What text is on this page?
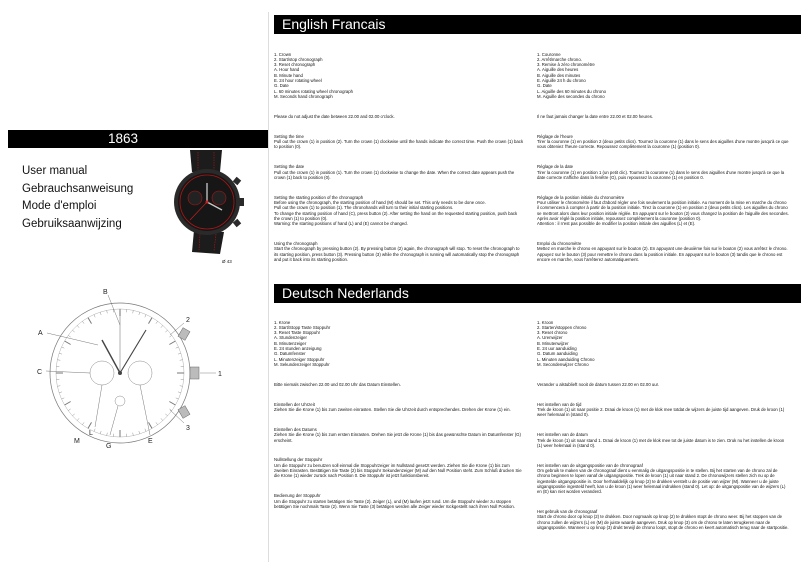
1863

User manual

Gebrauchsanweisung

Mode d'emploi

Gebruiksaanwijzing

Ø 43
English Francais

1. Crown
2. Start/stop chronograph
3. Reset chronograph
A. Hour hand
B. Minute hand
E. 24 hour rotating wheel
G. Date
L. 60 minutes rotating wheel chronograph
M. Seconds hand chronograph

Please do not adjust the date between 22.00 and 02.00 o'clock.

Setting the time
Pull out the crown (1) in position (2). Turn the crown (1) clockwise until the hands indicate the correct time. Push the crown (1) back to position (0).

Setting the date
Pull out the crown (1) in position (1). Turn the crown (1) clockwise to change the date. When the correct date appears push the crown (1) back to position (0).

Setting the starting position of the chronograph
Before using the chronograph, the starting position of hand (M) should be set. This only needs to be done once.
Pull out the crown (1) to position (1). The chronohands will turn to their initial starting positions.
To change the starting position of hand (C), press button (2). After setting the hand on the requested starting position, push back the crown (1) to position (0).
Warning: the starting positions of hand (L) and (E) cannot be changed.

Using the chronograph
Start the chronograph by pressing button (2). By pressing button (2) again, the chronograph will stop. To reset the chronograph to its starting position, press button (3). Pressing button (3) while the chronograph is running will automatically stop the chronograph and put it back into its starting position.

1. Couronne
2. Arrêt/marche chrono.
3. Remise à zéro chronomètre
A. Aiguille des heures
B. Aiguille des minutes
E. Aiguille 24 h du chrono
G. Date
L. Aiguille des 60 minutes du chrono
M. Aiguille des secondes du chrono

Il ne faut jamais changer la date entre 22.00 et 02.00 heures.

Réglage de l'heure
Tirer la couronne (1) en position 2 (deux petits clics). Tournez la couronne (1) dans le sens des aiguilles d'une montre jusqu'à ce que vous obteniez l'heure correcte. Repoussez complètement la couronne (1) (position 0).

Réglage de la date
Tirer la couronne (1) en position 1 (un petit clic). Tournez la couronne (1) dans le sens des aiguilles d'une montre jusqu'à ce que la date correcte s'affiche dans la fenêtre (G), puis repoussez la couronne (1) en position 0.

Réglage de la position initiale du chronomètre
Pour utiliser le chronomètre il faut d'abord régler une fois seulement la position initiale. Au moment de la mise en marche du chrono il commencera à compter à partir de la position initiale. Tirez la couronne (1) en position 2 (deux petits clics). Les aiguilles du chrono se mettront alors dans leur position initiale réglée. En appuyant sur le bouton (2) vous changez la position de l'aiguille des secondes. Après avoir réglé la position initiale, repoussez complètement la couronne (position 0).
Attention : il n'est pas possible de modifier la position initiale des aiguilles (L) et (E).

Emploi du chronomètre
Mettez en marche le chrono en appuyant sur le bouton (2). En appuyant une deuxième fois sur le bouton (2) vous arrêtez le chrono. Appuyez sur le bouton (3) pour remettre le chrono dans la position initiale. En appuyant sur le bouton (3) tandis que le chrono est encore en marche, vous l'arrêterez automatiquement.

Deutsch Nederlands

1. Krone
2. Start/Stopp Taste Stoppuhr
3. Reset Taste Stoppuhr
A. Stundenzeiger
B. Minutenzeiger
E. 24 stunden anzeigung
G. Datumfenster
L. Minutenzeiger Stoppuhr
M. Sekundenzeiger Stoppuhr

Bitte niemals zwischen 22.00 und 02.00 Uhr das Datum Einstellen.

Einstellen der Uhrzeit
Ziehen Sie die Krone (1) bis zum zweiten einrasten. Stellen Sie die Uhrzeit durch entsprechendes. Drehen der Krone (1) ein.

Einstellen des Datums
Ziehen Sie die Krone (1) bis zum ersten Einrasten. Drehen Sie jetzt die Krone (1) bis das gewünschte Datum im Datumfenster (G) erscheint.

Nullstellung der Stoppuhr
Um die Stoppuhr zu benutzen soll einmal die Stoppuhrzeiger im Nullstand gesetzt werden. Ziehen Sie die Krone (1) bis zum zweiten Einrasten. Bestätigen Sie Taste (2) bis Stoppuhr Sekundenzeiger (M) auf den Null Position steht. Zum Schluß drucken Sie die Krone (1) wieder zurück nach Position 0. Die Stoppuhr ist jetzt funktionsbereit.

Bedienung der Stoppuhr
Um die Stoppuhr zu starten betätigen Sie Taste (2). Zeiger (L), und (M) laufen jetzt rund. Um die Stoppuhr wieder zu stoppen betätigen Sie nochmals Taste (2). Wenn Sie Taste (3) betätigen werden alle Zeiger wieder rückgestellt nach ihren Null Position.

1. Kroon
2. Starten/stoppen chrono
3. Reset chrono
A. Urenwijzer
B. Minutenwijzer
E. 24 uur aanduiding
G. Datum aanduiding
L. Minuten aanduiding Chrono
M. Secondenwijzer Chrono

Verander u alstublieft nooit de datum tussen 22.00 en 02.00 uur.

Het instellen van de tijd
Trek de kroon (1) uit naar positie 2. Draai de kroon (1) met de klok mee totdat de wijzers de juiste tijd aangeven. Druk de kroon (1) weer helemaal in (stand 0).

Het instellen van de datum
Trek de kroon (1) uit naar stand 1. Draai de kroon (1) met de klok mee tot de juiste datum is te zien. Druk nu het instellen de kroon (1) weer helemaal in (stand 0).

Het instellen van de uitgangspositie van de chronograaf
Om gebruik te maken van de chronograaf dient u eenmalig de uitgangspositie in te stellen. Bij het starten van de chrono zal de chrono beginnen te lopen vanaf de uitgangspositie. Trek de kroon (1) uit naar stand 2. De chronowijzers stellen zich nu op de ingestelde uitgangspositie in. Door herhaaldelijk op knop (2) te drukken verstelt u de positie van wijzer (M). Wanneer u de juiste uitgangspositie ingesteld heeft, kan u de kroon (1) weer helemaal indrukken (stand 0). Let op: de uitgangspositie van de wijzers (L) en (E) kan niet worden veranderd.

Het gebruik van de chronograaf
Start de chrono door op knop (2) te drukken. Door nogmaals op knop (2) te drukken stopt de chrono weer. Bij het stoppen van de chrono zullen de wijzers (L) en (M) de juiste waarde aangeven. Druk op knop (3) om de chrono te laten terugkeren naar de uitgangspositie. Wanneer u op knop (3) drukt terwijl de chrono loopt, stopt de chrono en keert automatisch terug naar de startpositie.

A
B
C	1
2
3
L
M
G
E
